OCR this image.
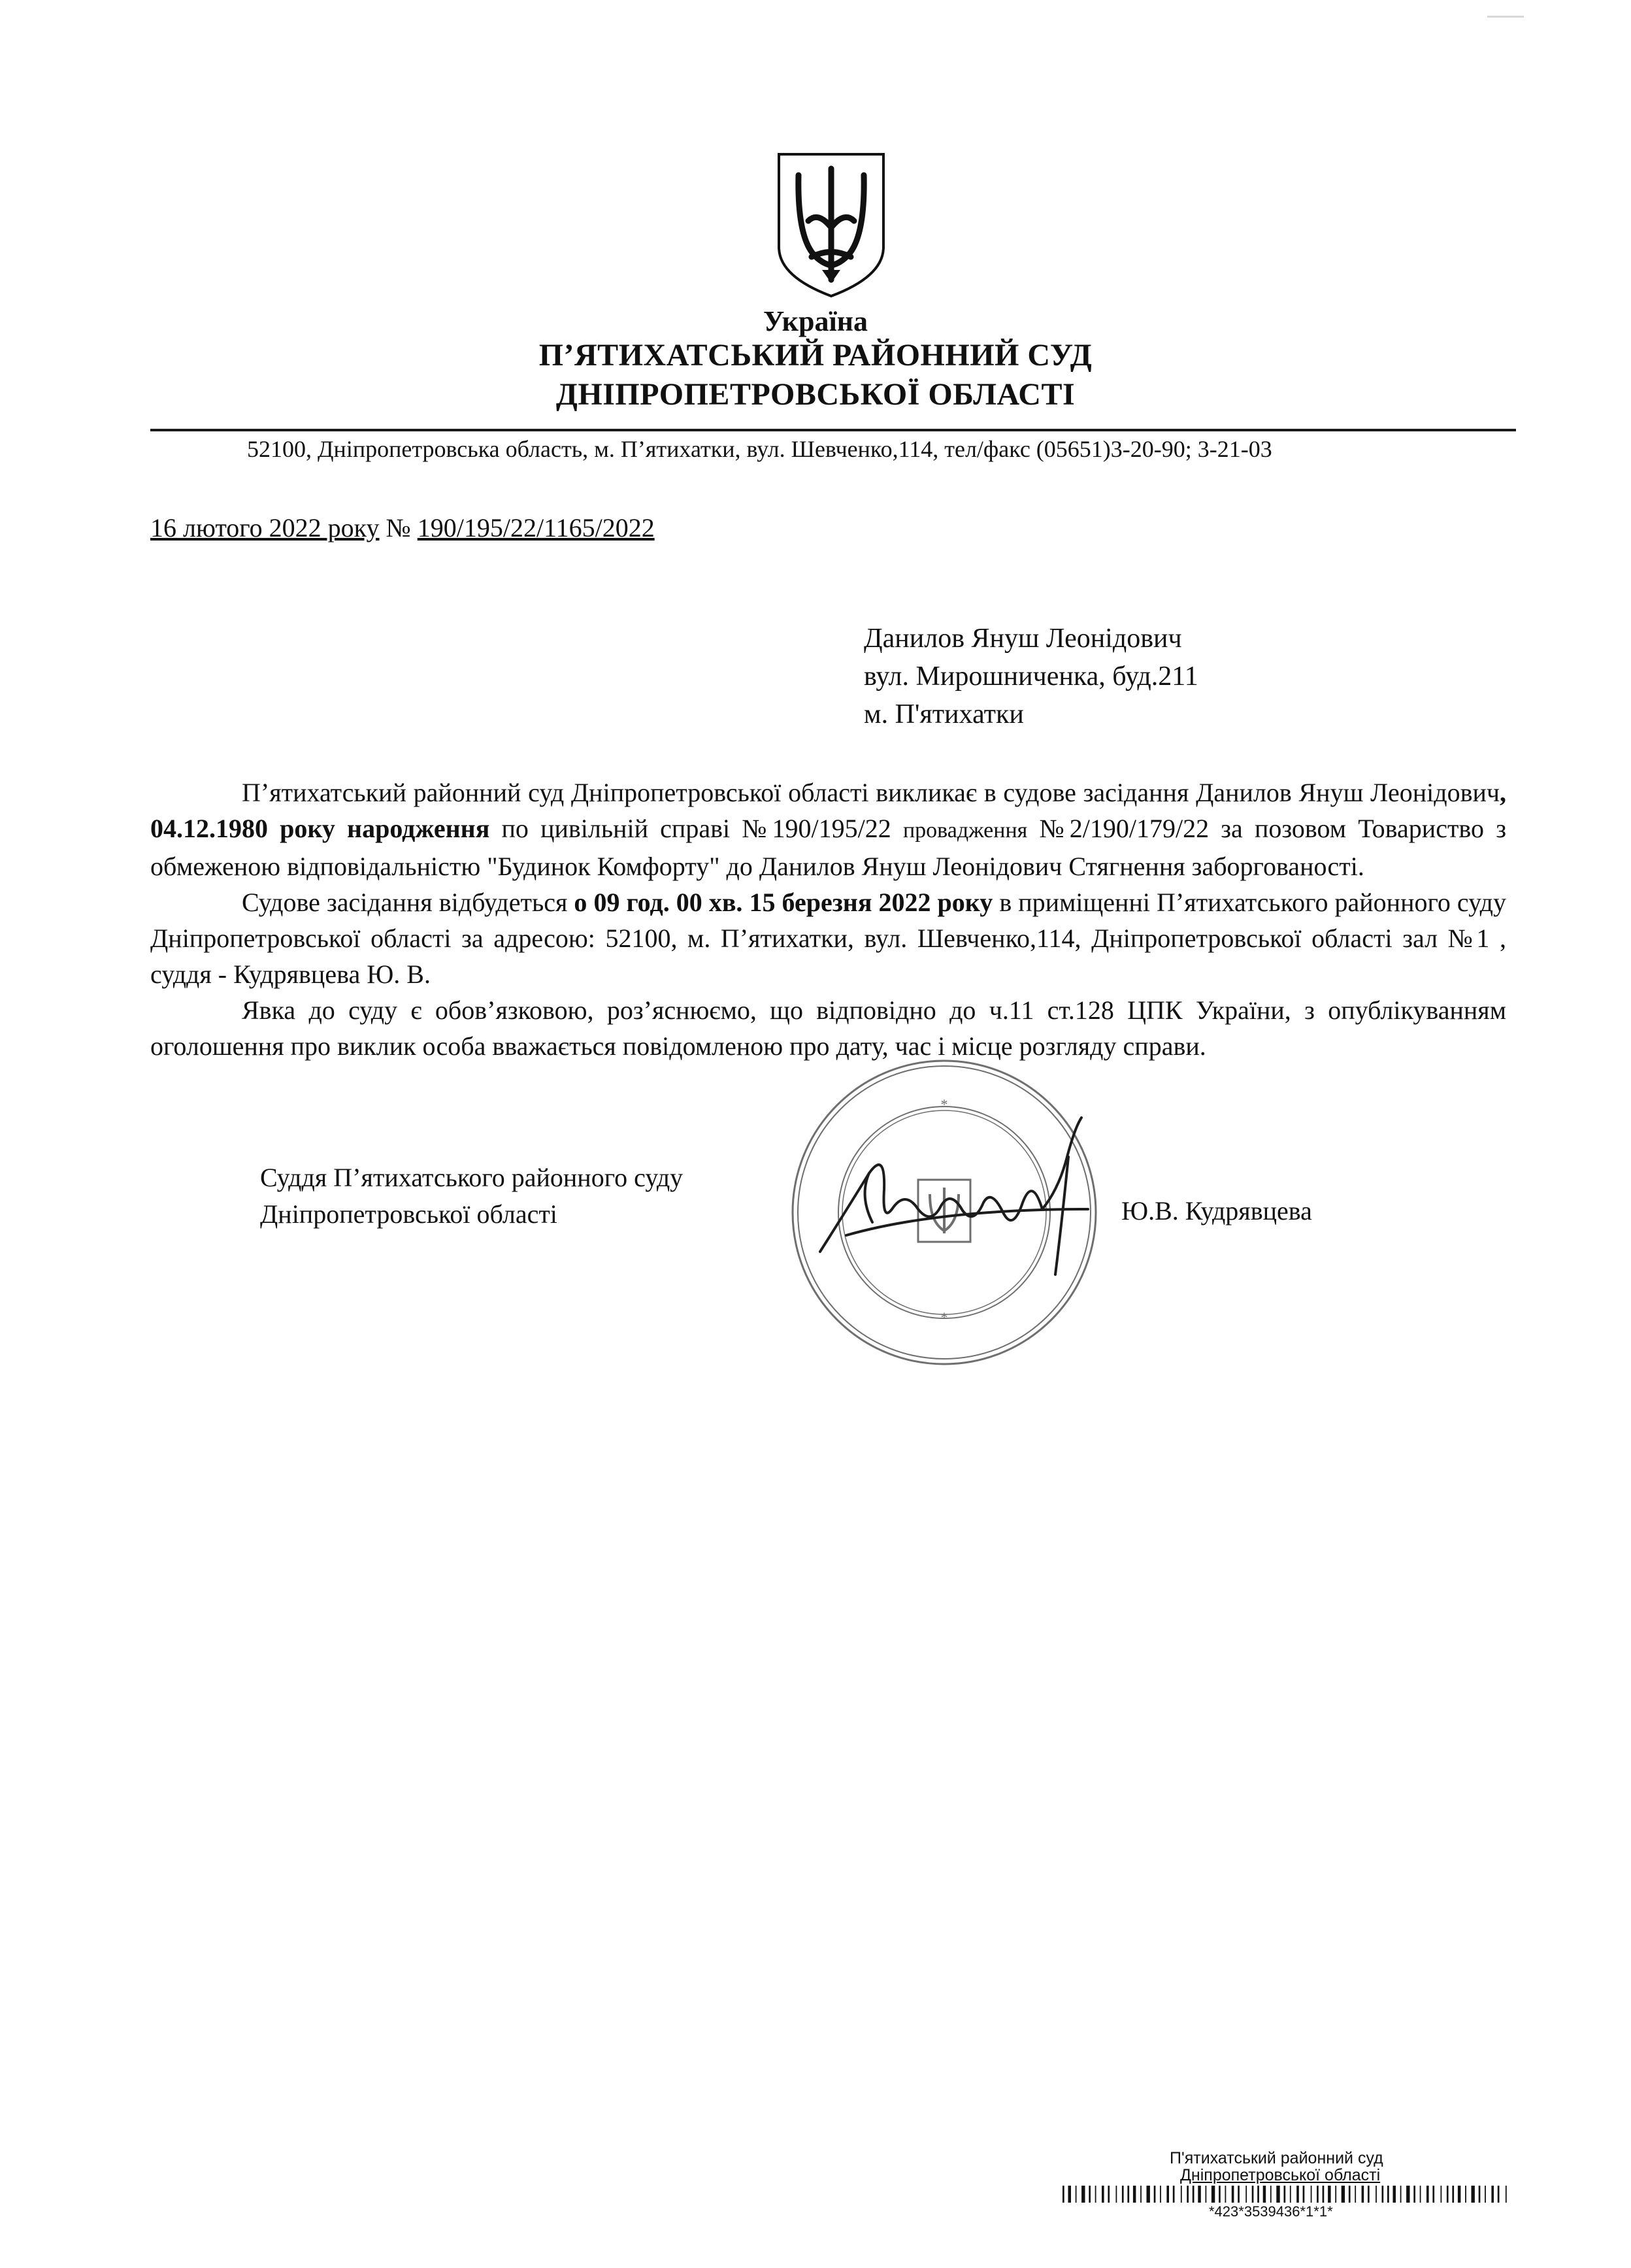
Україна
П’ЯТИХАТСЬКИЙ РАЙОННИЙ СУД
ДНІПРОПЕТРОВСЬКОЇ ОБЛАСТІ
52100, Дніпропетровська область, м. П’ятихатки, вул. Шевченко,114, тел/факс (05651)3-20-90; 3-21-03
16 лютого 2022 року № 190/195/22/1165/2022
Данилов Януш Леонідович
вул. Мирошниченка, буд.211
м. П'ятихатки

П’ятихатський районний суд Дніпропетровської області викликає в судове засідання Данилов Януш Леонідович, 04.12.1980 року народження по цивільній справі №190/195/22 провадження №2/190/179/22 за позовом Товариство з обмеженою відповідальністю "Будинок Комфорту" до Данилов Януш Леонідович Стягнення заборгованості.

Судове засідання відбудеться о 09 год. 00 хв. 15 березня 2022 року в приміщенні П’ятихатського районного суду Дніпропетровської області за адресою: 52100, м. П’ятихатки, вул. Шевченко,114, Дніпропетровської області зал №1 , суддя - Кудрявцева Ю. В.

Явка до суду є обов’язковою, роз’яснюємо, що відповідно до ч.11 ст.128 ЦПК України, з опублікуванням оголошення про виклик особа вважається повідомленою про дату, час і місце розгляду справи.

*
*
Суддя П’ятихатського районного суду
Дніпропетровської області	Ю.В. Кудрявцева
П'ятихатський районний суд
Дніпропетровської області
*423*3539436*1*1*
